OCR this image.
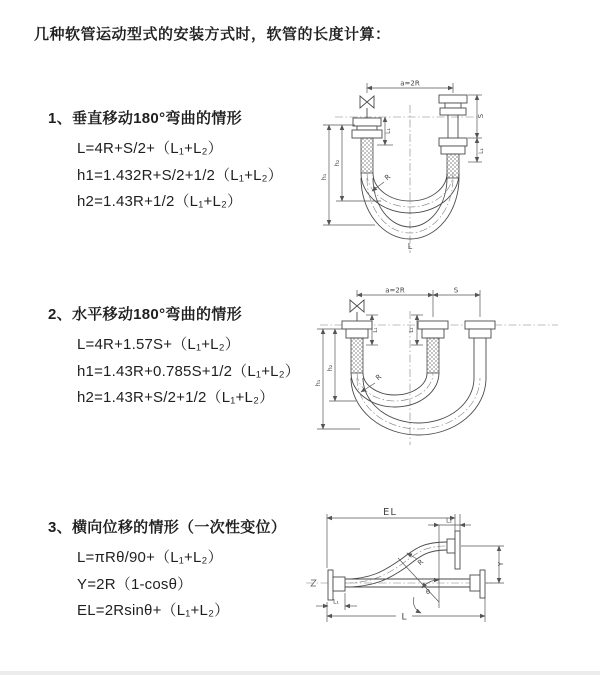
几种软管运动型式的安装方式时，软管的长度计算：
1、垂直移动180°弯曲的情形
L=4R+S/2+（L₁+L₂）
h1=1.432R+S/2+1/2（L₁+L₂）
h2=1.43R+1/2（L₁+L₂）
a=2R
S
L₁
L₁
h₁
h₂
R
L
2、水平移动180°弯曲的情形
L=4R+1.57S+（L₁+L₂）
h1=1.43R+0.785S+1/2（L₁+L₂）
h2=1.43R+S/2+1/2（L₁+L₂）
a=2R	S
h₁
h₂
L₁	L₁
R
3、横向位移的情形（一次性变位）
L=πRθ/90+（L₁+L₂）
Y=2R（1-cosθ）
EL=2Rsinθ+（L₁+L₂）
EL
L₂
θ
Y
R
L₁
L
